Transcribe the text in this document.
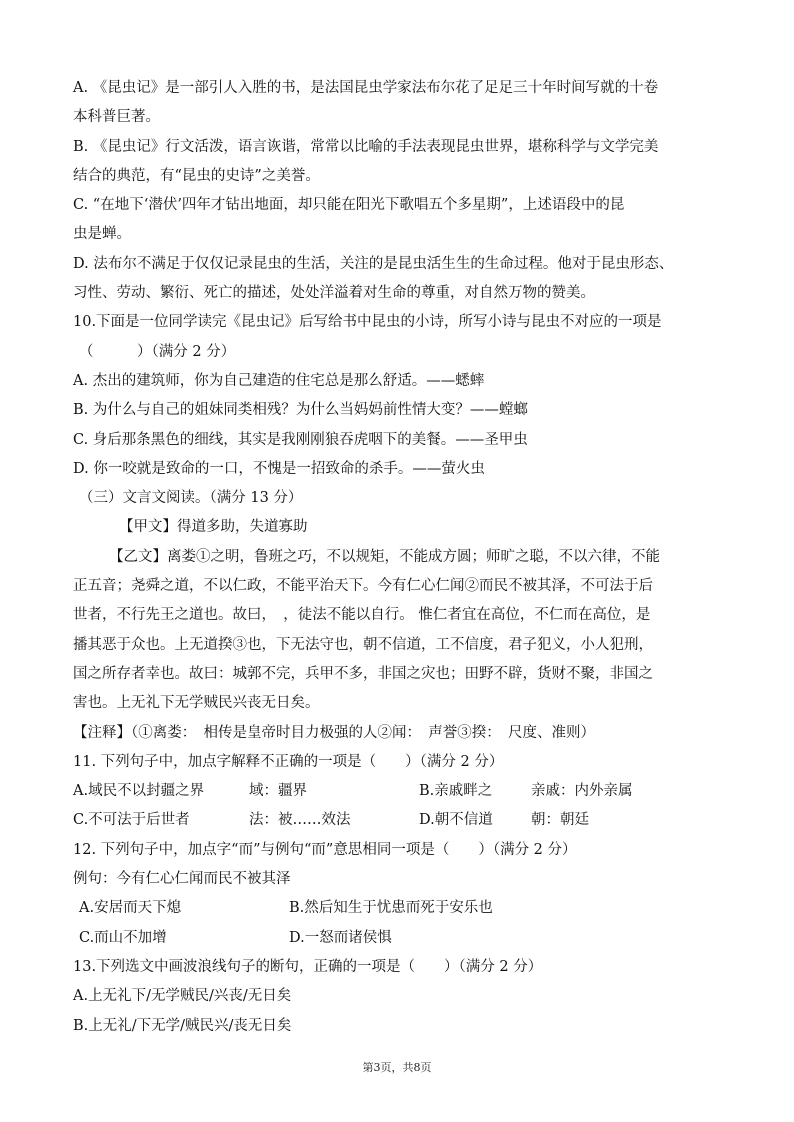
A. 《昆虫记》是一部引人入胜的书，是法国昆虫学家法布尔花了足足三十年时间写就的十卷
本科普巨著。
B. 《昆虫记》行文活泼，语言诙谐，常常以比喻的手法表现昆虫世界，堪称科学与文学完美
结合的典范，有“昆虫的史诗”之美誉。
C. “在地下‘潜伏’四年才钻出地面，却只能在阳光下歌唱五个多星期”，上述语段中的昆
虫是蝉。
D. 法布尔不满足于仅仅记录昆虫的生活，关注的是昆虫活生生的生命过程。他对于昆虫形态、
习性、劳动、繁衍、死亡的描述，处处洋溢着对生命的尊重，对自然万物的赞美。
10.下面是一位同学读完《昆虫记》后写给书中昆虫的小诗，所写小诗与昆虫不对应的一项是
（　　　）（满分 2 分）
A. 杰出的建筑师，你为自己建造的住宅总是那么舒适。——蟋蟀
B. 为什么与自己的姐妹同类相残？为什么当妈妈前性情大变？——螳螂
C. 身后那条黑色的细线，其实是我刚刚狼吞虎咽下的美餐。——圣甲虫
D. 你一咬就是致命的一口，不愧是一招致命的杀手。——萤火虫
（三）文言文阅读。（满分 13 分）
【甲文】得道多助，失道寡助
【乙文】离娄①之明，鲁班之巧，不以规矩，不能成方圆；师旷之聪，不以六律，不能
正五音；尧舜之道，不以仁政，不能平治天下。今有仁心仁闻②而民不被其泽，不可法于后
世者，不行先王之道也。故曰，　，徒法不能以自行。 惟仁者宜在高位，不仁而在高位，是
播其恶于众也。上无道揆③也，下无法守也，朝不信道，工不信度，君子犯义，小人犯刑，
国之所存者幸也。故曰：城郭不完，兵甲不多，非国之灾也；田野不辟，货财不聚，非国之
害也。上无礼下无学贼民兴丧无日矣。
【注释】（①离娄：　相传是皇帝时目力极强的人②闻：　声誉③揆：　尺度、准则）
11. 下列句子中，加点字解释不正确的一项是（　　）（满分 2 分）
A.域民不以封疆之界	域：疆界	B.亲戚畔之	亲戚：内外亲属
C.不可法于后世者	法：被……效法	D.朝不信道	朝：朝廷
12. 下列句子中，加点字“而”与例句“而”意思相同一项是（　　）（满分 2 分）
例句：今有仁心仁闻而民不被其泽
A.安居而天下熄	B.然后知生于忧患而死于安乐也
C.而山不加增	D.一怒而诸侯惧
13.下列选文中画波浪线句子的断句，正确的一项是（　　）（满分 2 分）
A.上无礼下/无学贼民/兴丧/无日矣
B.上无礼/下无学/贼民兴/丧无日矣
第3页，共8页
